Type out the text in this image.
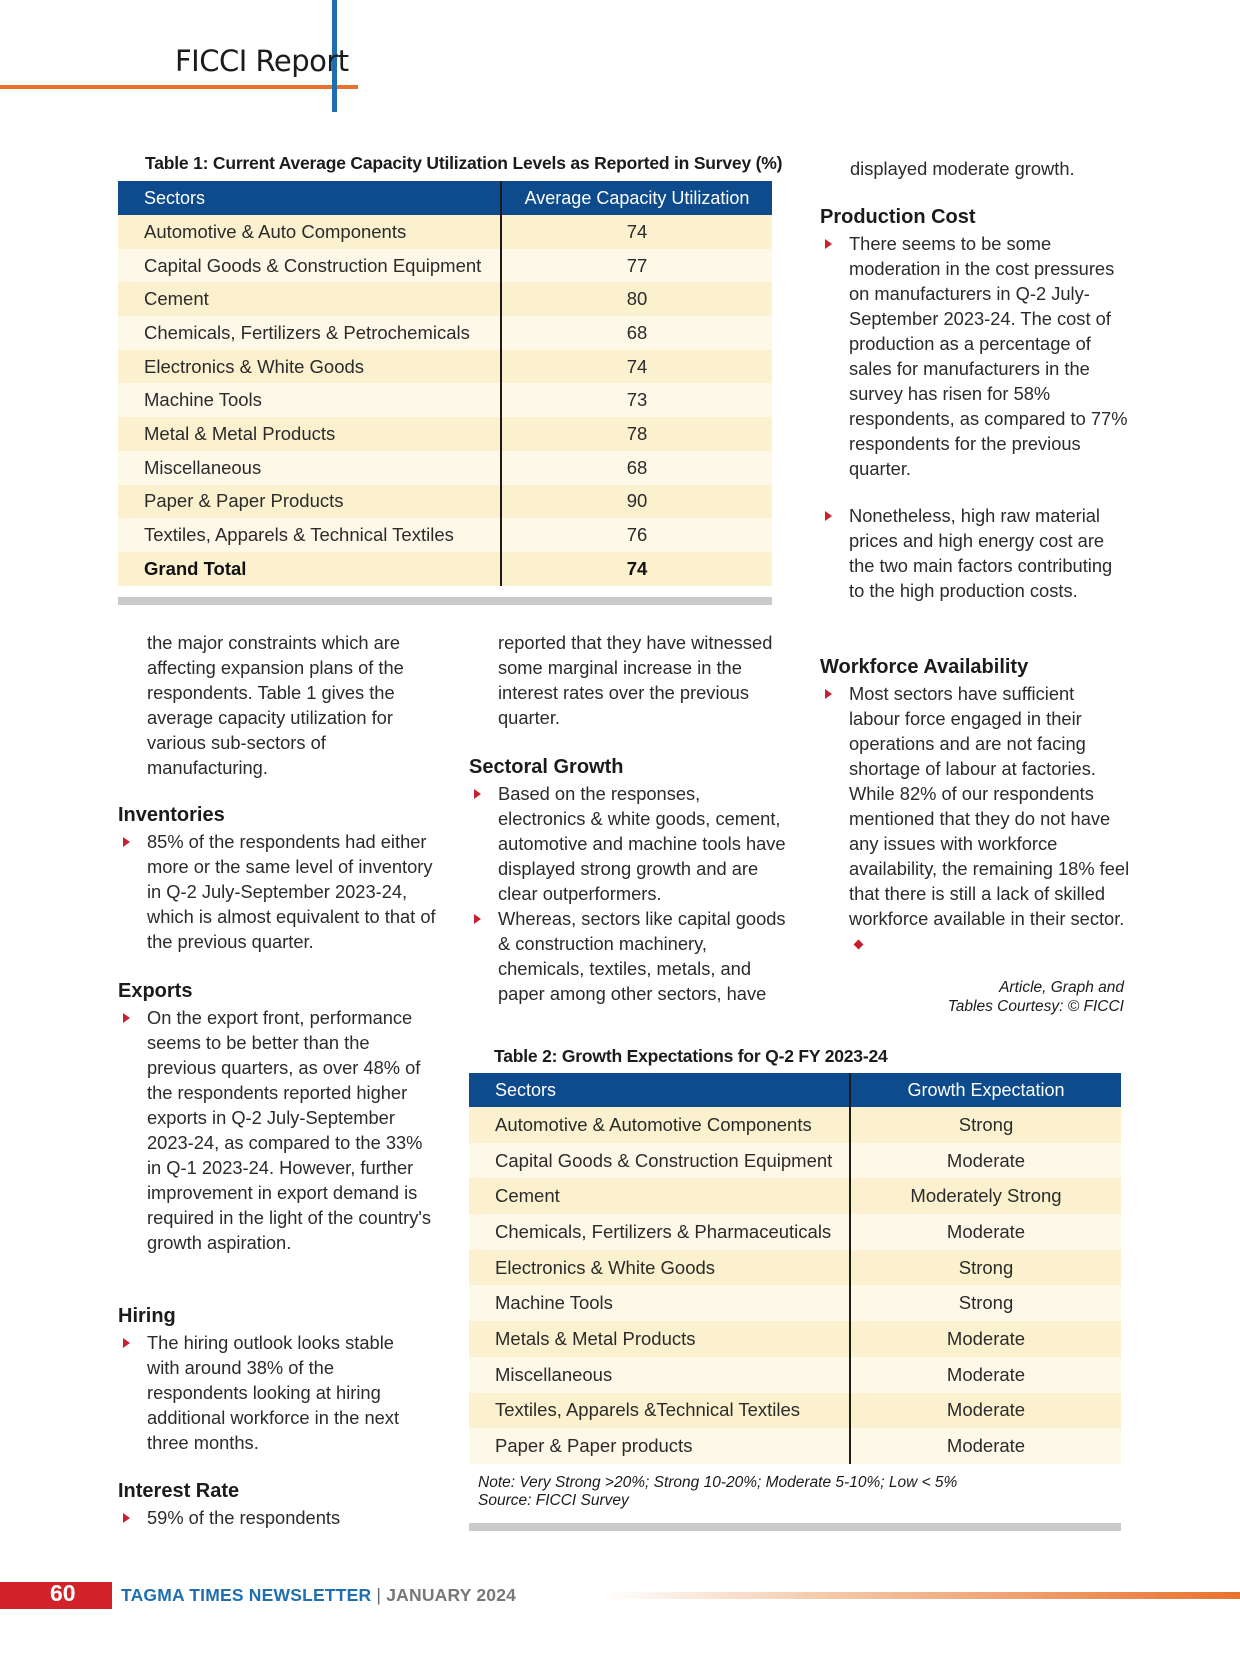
FICCI Report
Table 1: Current Average Capacity Utilization Levels as Reported in Survey (%)
Sectors	Average Capacity Utilization
Automotive & Auto Components	74
Capital Goods & Construction Equipment	77
Cement	80
Chemicals, Fertilizers & Petrochemicals	68
Electronics & White Goods	74
Machine Tools	73
Metal & Metal Products	78
Miscellaneous	68
Paper & Paper Products	90
Textiles, Apparels & Technical Textiles	76
Grand Total	74
the major constraints which are affecting expansion plans of the respondents. Table 1 gives the average capacity utilization for various sub-sectors of manufacturing.
Inventories
85% of the respondents had either more or the same level of inventory in Q-2 July-September 2023-24, which is almost equivalent to that of the previous quarter.
Exports
On the export front, performance seems to be better than the previous quarters, as over 48% of the respondents reported higher exports in Q-2 July-September 2023-24, as compared to the 33% in Q-1 2023-24. However, further improvement in export demand is required in the light of the country's growth aspiration.
Hiring
The hiring outlook looks stable with around 38% of the respondents looking at hiring additional workforce in the next three months.
Interest Rate
59% of the respondents
reported that they have witnessed some marginal increase in the interest rates over the previous quarter.
Sectoral Growth
Based on the responses, electronics & white goods, cement, automotive and machine tools have displayed strong growth and are clear outperformers.
Whereas, sectors like capital goods & construction machinery, chemicals, textiles, metals, and paper among other sectors, have
displayed moderate growth.
Production Cost
There seems to be some moderation in the cost pressures on manufacturers in Q-2 July-September 2023-24. The cost of production as a percentage of sales for manufacturers in the survey has risen for 58% respondents, as compared to 77% respondents for the previous quarter.
Nonetheless, high raw material prices and high energy cost are the two main factors contributing to the high production costs.
Workforce Availability
Most sectors have sufficient labour force engaged in their operations and are not facing shortage of labour at factories. While 82% of our respondents mentioned that they do not have any issues with workforce availability, the remaining 18% feel that there is still a lack of skilled workforce available in their sector.
Article, Graph and
Tables Courtesy: © FICCI
Table 2: Growth Expectations for Q-2 FY 2023-24
Sectors	Growth Expectation
Automotive & Automotive Components	Strong
Capital Goods & Construction Equipment	Moderate
Cement	Moderately Strong
Chemicals, Fertilizers & Pharmaceuticals	Moderate
Electronics & White Goods	Strong
Machine Tools	Strong
Metals & Metal Products	Moderate
Miscellaneous	Moderate
Textiles, Apparels &Technical Textiles	Moderate
Paper & Paper products	Moderate
Note: Very Strong >20%; Strong 10-20%; Moderate 5-10%; Low < 5%
Source: FICCI Survey
60	TAGMA TIMES NEWSLETTER | JANUARY 2024
